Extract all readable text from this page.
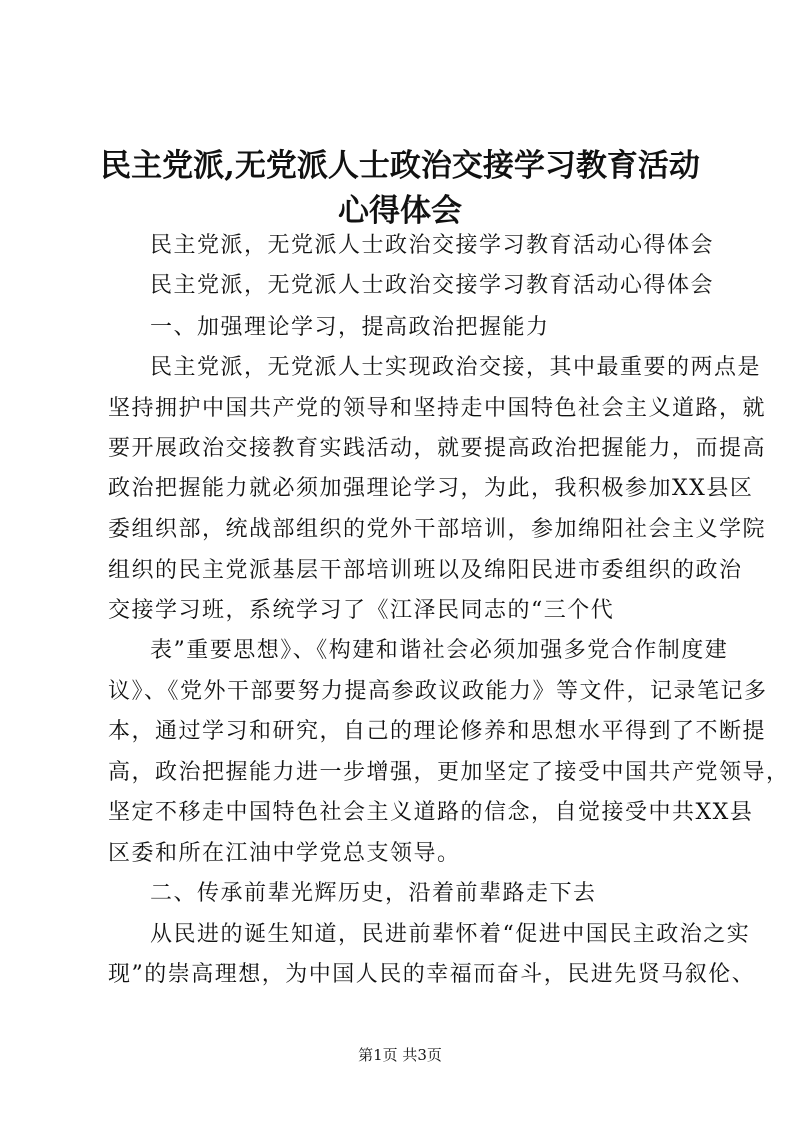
民主党派,无党派人士政治交接学习教育活动
心得体会
民主党派，无党派人士政治交接学习教育活动心得体会
民主党派，无党派人士政治交接学习教育活动心得体会
一、加强理论学习，提高政治把握能力
民主党派，无党派人士实现政治交接，其中最重要的两点是
坚持拥护中国共产党的领导和坚持走中国特色社会主义道路，就
要开展政治交接教育实践活动，就要提高政治把握能力，而提高
政治把握能力就必须加强理论学习，为此，我积极参加XX县区
委组织部，统战部组织的党外干部培训，参加绵阳社会主义学院
组织的民主党派基层干部培训班以及绵阳民进市委组织的政治
交接学习班，系统学习了《江泽民同志的“三个代
表”重要思想》、《构建和谐社会必须加强多党合作制度建
议》、《党外干部要努力提高参政议政能力》等文件，记录笔记多
本，通过学习和研究，自己的理论修养和思想水平得到了不断提
高，政治把握能力进一步增强，更加坚定了接受中国共产党领导，
坚定不移走中国特色社会主义道路的信念，自觉接受中共XX县
区委和所在江油中学党总支领导。
二、传承前辈光辉历史，沿着前辈路走下去
从民进的诞生知道，民进前辈怀着“促进中国民主政治之实
现”的崇高理想，为中国人民的幸福而奋斗，民进先贤马叙伦、
第1页 共3页
